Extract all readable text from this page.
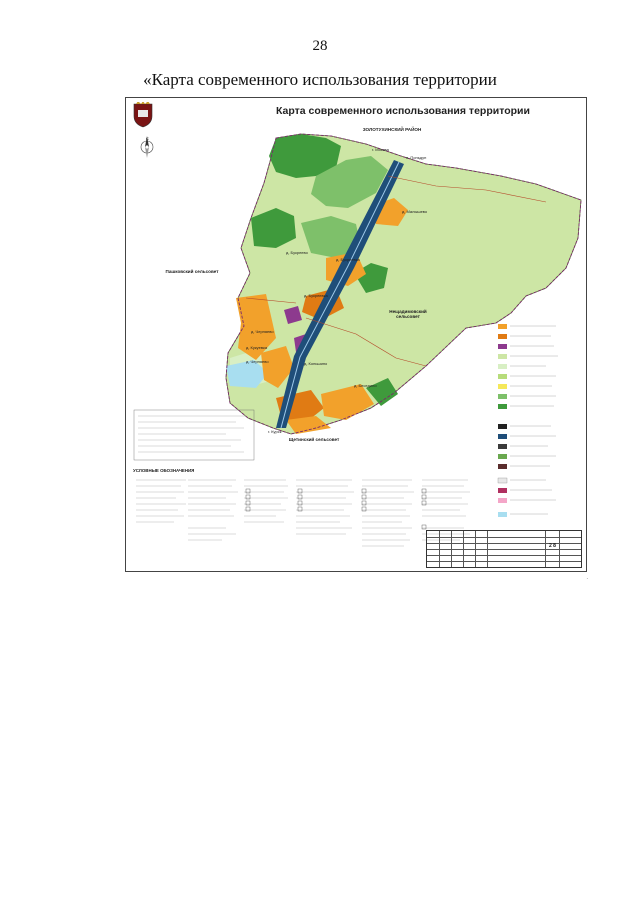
28
«Карта современного использования территории
С
Карта современного использования территории
ЗОЛОТУХИНСКИЙ РАЙОН
г. Москва
п. Поньдун
д. Малышево
д. Букреево
д. Букреевка
д. Букреевка
д. Черняево
д. Коньшино
д. Кукуевка
д. Черняево
д. Беседино
Пашковский сельсовет
Нещадимовский сельсовет
Щетинский сельсовет
г. Курск
УСЛОВНЫЕ ОБОЗНАЧЕНИЯ
2 8
·
